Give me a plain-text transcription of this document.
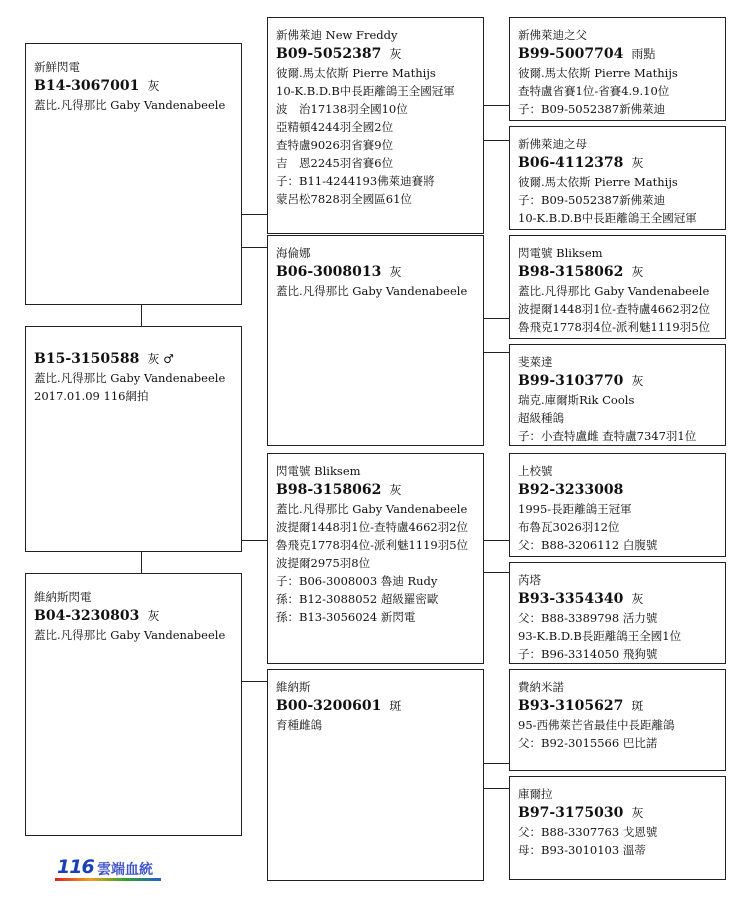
新鮮閃電
B14-3067001 灰
蓋比.凡得那比 Gaby Vandenabeele
B15-3150588 灰 ♂
蓋比.凡得那比 Gaby Vandenabeele
2017.01.09 116網拍
維納斯閃電
B04-3230803 灰
蓋比.凡得那比 Gaby Vandenabeele
新佛萊迪 New Freddy
B09-5052387 灰
彼爾.馬太依斯 Pierre Mathijs
10-K.B.D.B中長距離鴿王全國冠軍
波　治17138羽全國10位
亞精頓4244羽全國2位
查特盧9026羽省賽9位
吉　恩2245羽省賽6位
子：B11-4244193佛萊迪賽將
蒙呂松7828羽全國區61位
海倫娜
B06-3008013 灰
蓋比.凡得那比 Gaby Vandenabeele
閃電號 Bliksem
B98-3158062 灰
蓋比.凡得那比 Gaby Vandenabeele
波提爾1448羽1位-查特盧4662羽2位
魯飛克1778羽4位-派利魅1119羽5位
波提爾2975羽8位
子：B06-3008003 魯迪 Rudy
孫：B12-3088052 超級羅密歐
孫：B13-3056024 新閃電
維納斯
B00-3200601 斑
育種雌鴿
新佛萊迪之父
B99-5007704 雨點
彼爾.馬太依斯 Pierre Mathijs
查特盧省賽1位-省賽4.9.10位
子：B09-5052387新佛萊迪
新佛萊迪之母
B06-4112378 灰
彼爾.馬太依斯 Pierre Mathijs
子：B09-5052387新佛萊迪
10-K.B.D.B中長距離鴿王全國冠軍
閃電號 Bliksem
B98-3158062 灰
蓋比.凡得那比 Gaby Vandenabeele
波提爾1448羽1位-查特盧4662羽2位
魯飛克1778羽4位-派利魅1119羽5位
斐萊達
B99-3103770 灰
瑞克.庫爾斯Rik Cools
超級種鴿
子：小查特盧雌 查特盧7347羽1位
上校號
B92-3233008
1995-長距離鴿王冠軍
布魯瓦3026羽12位
父：B88-3206112 白腹號
芮塔
B93-3354340 灰
父：B88-3389798 活力號
93-K.B.D.B長距離鴿王全國1位
子：B96-3314050 飛狗號
費納米諾
B93-3105627 斑
95-西佛萊芒省最佳中長距離鴿
父：B92-3015566 巴比諾
庫爾拉
B97-3175030 灰
父：B88-3307763 戈恩號
母：B93-3010103 溫蒂
116 雲端血統
